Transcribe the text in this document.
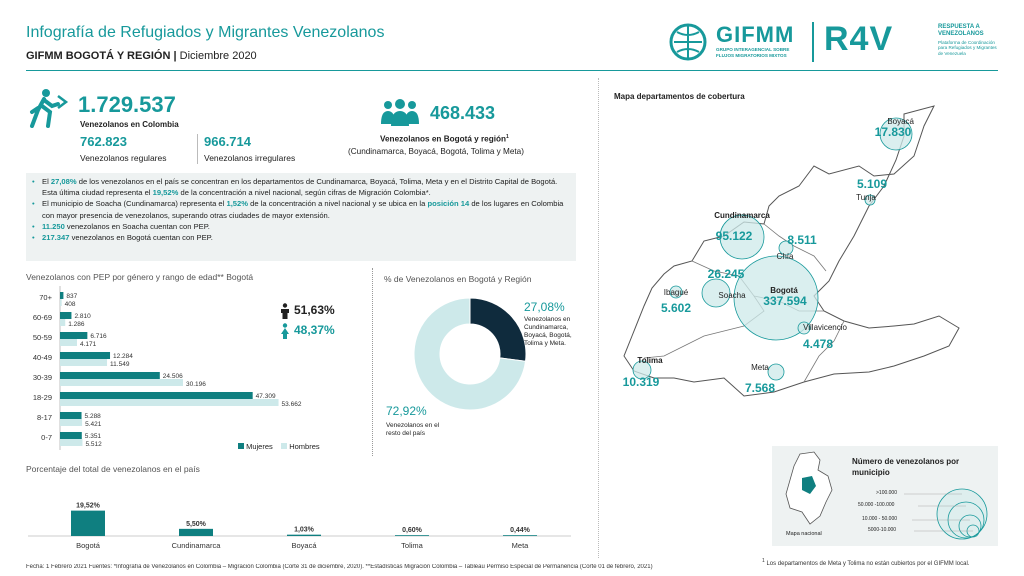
Infografía de Refugiados y Migrantes Venezolanos
GIFMM BOGOTÁ Y REGIÓN | Diciembre 2020
GIFMM
GRUPO INTERAGENCIAL SOBRE FLUJOS MIGRATORIOS MIXTOS	R4V	RESPUESTA A VENEZOLANOS
Plataforma de Coordinación para Refugiados y Migrantes de Venezuela
1.729.537
Venezolanos en Colombia
762.823
Venezolanos regulares
966.714
Venezolanos irregulares
468.433
Venezolanos en Bogotá y región$^1$
(Cundinamarca, Boyacá, Bogotá, Tolima y Meta)
• El 27,08% de los venezolanos en el país se concentran en los departamentos de Cundinamarca, Boyacá, Tolima, Meta y en el Distrito Capital de Bogotá. Esta última ciudad representa el 19,52% de la concentración a nivel nacional, según cifras de Migración Colombia*.
• El municipio de Soacha (Cundinamarca) representa el 1,52% de la concentración a nivel nacional y se ubica en la posición 14 de los lugares en Colombia con mayor presencia de venezolanos, superando otras ciudades de mayor extensión.
• 11.250 venezolanos en Soacha cuentan con PEP.
• 217.347 venezolanos en Bogotá cuentan con PEP.
Venezolanos con PEP por género y rango de edad** Bogotá
70+ 837
408
60-69	2.810
1.286
50-59	6.716
4.171
40-49	12.284
11.549
30-39	24.506
30.196
18-29	47.309
53.662
8-17	5.288
5.421
0-7	5.351
5.512
51,63%
48,37%
Mujeres Hombres
% de Venezolanos en Bogotá y Región
27,08%
Venezolanos en Cundinamarca, Boyacá, Bogotá, Tolima y Meta.
72,92%
Venezolanos en el resto del país
Porcentaje del total de venezolanos en el país
19,52%
Bogotá
5,50%
Cundinamarca
1,03%
Boyacá
0,60%
Tolima
0,44%
Meta
Mapa departamentos de cobertura
Boyacá
17.830
Tunja
5.109
Cundinamarca
95.122
Chía
8.511
Soacha
26.245
Bogotá
337.594
Ibagué
5.602
Villavicencio
4.478
Tolima
10.319
Meta
7.568
Mapa nacional
Número de venezolanos por municipio
>100.000
50.000 -100.000
10.000 - 50.000
5000-10.000
Fecha: 1 Febrero 2021 Fuentes: *Infografía de Venezolanos en Colombia – Migración Colombia (Corte 31 de diciembre, 2020). **Estadísticas Migración Colombia – Tableau Permiso Especial de Permanencia (Corte 01 de febrero, 2021)
$^1$ Los departamentos de Meta y Tolima no están cubiertos por el GIFMM local.
